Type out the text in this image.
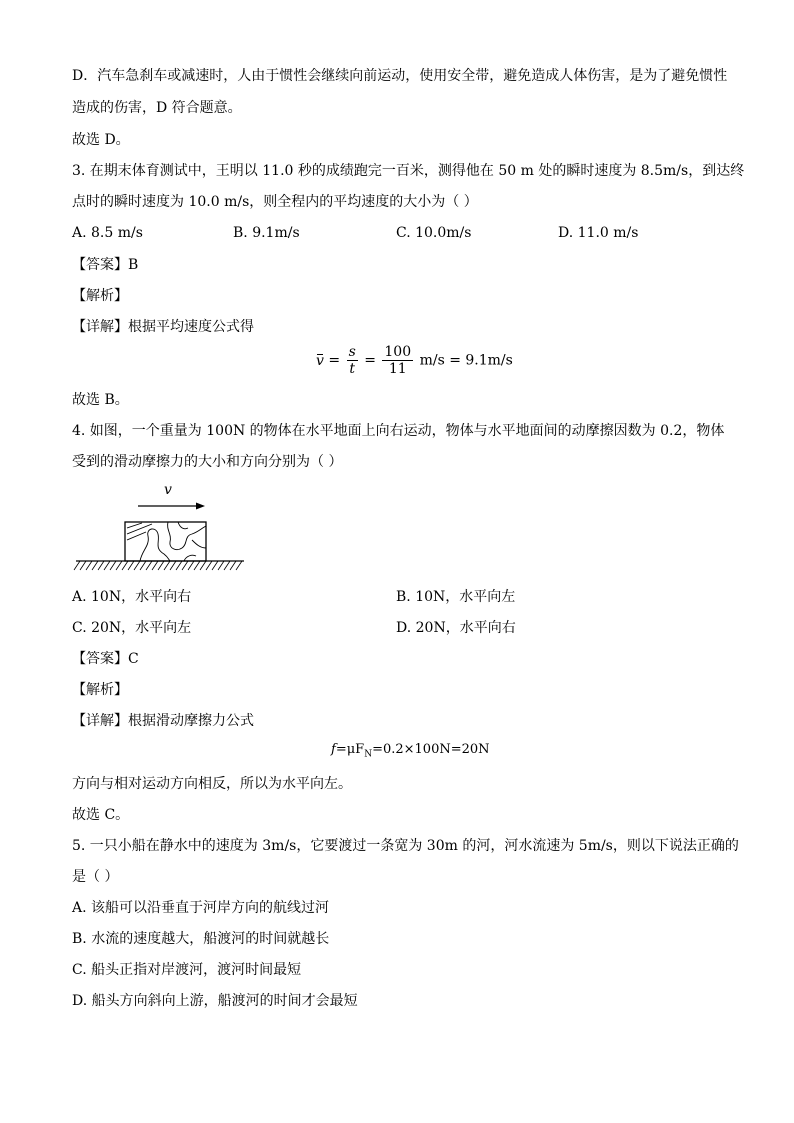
D．汽车急刹车或减速时，人由于惯性会继续向前运动，使用安全带，避免造成人体伤害，是为了避免惯性
造成的伤害，D 符合题意。
故选 D。
3. 在期末体育测试中，王明以 11.0 秒的成绩跑完一百米，测得他在 50 m 处的瞬时速度为 8.5m/s，到达终
点时的瞬时速度为 10.0 m/s，则全程内的平均速度的大小为（ ）
A. 8.5 m/s	B. 9.1m/s	C. 10.0m/s	D. 11.0 m/s
【答案】B
【解析】
【详解】根据平均速度公式得
$v = \frac{s}{t} = \frac{100}{11} m/s = 9.1m/s$
故选 B。
4. 如图，一个重量为 100N 的物体在水平地面上向右运动，物体与水平地面间的动摩擦因数为 0.2，物体
受到的滑动摩擦力的大小和方向分别为（ ）
v
A. 10N，水平向右	B. 10N，水平向左
C. 20N，水平向左	D. 20N，水平向右
【答案】C
【解析】
【详解】根据滑动摩擦力公式
$f=\mu F_N=0.2\times 100N=20N$
方向与相对运动方向相反，所以为水平向左。
故选 C。
5. 一只小船在静水中的速度为 3m/s，它要渡过一条宽为 30m 的河，河水流速为 5m/s，则以下说法正确的
是（ ）
A. 该船可以沿垂直于河岸方向的航线过河
B. 水流的速度越大，船渡河的时间就越长
C. 船头正指对岸渡河，渡河时间最短
D. 船头方向斜向上游，船渡河的时间才会最短
